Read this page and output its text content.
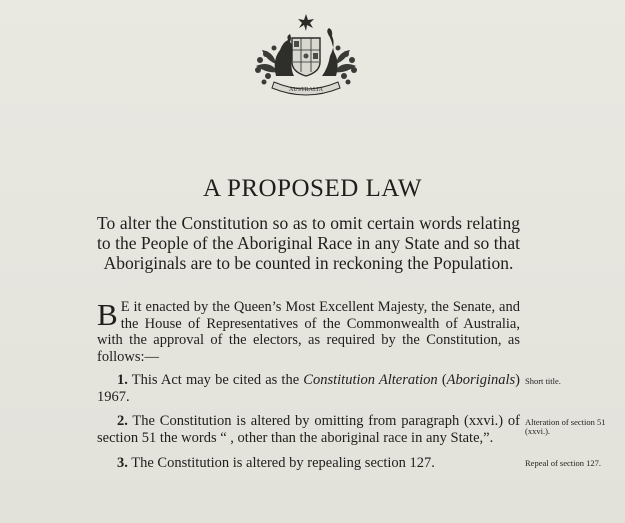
AUSTRALIA
A PROPOSED LAW

To alter the Constitution so as to omit certain words relating to the People of the Aboriginal Race in any State and so that Aboriginals are to be counted in reckoning the Population.

B E it enacted by the Queen’s Most Excellent Majesty, the Senate, and the House of Representatives of the Commonwealth of Australia, with the approval of the electors, as required by the Constitution, as follows:—

1. This Act may be cited as the Constitution Alteration (Aboriginals) 1967.

Short title.

2. The Constitution is altered by omitting from paragraph (xxvi.) of section 51 the words “ , other than the aboriginal race in any State,”.

Alteration of section 51 (xxvi.).

3. The Constitution is altered by repealing section 127.	Repeal of section 127.
